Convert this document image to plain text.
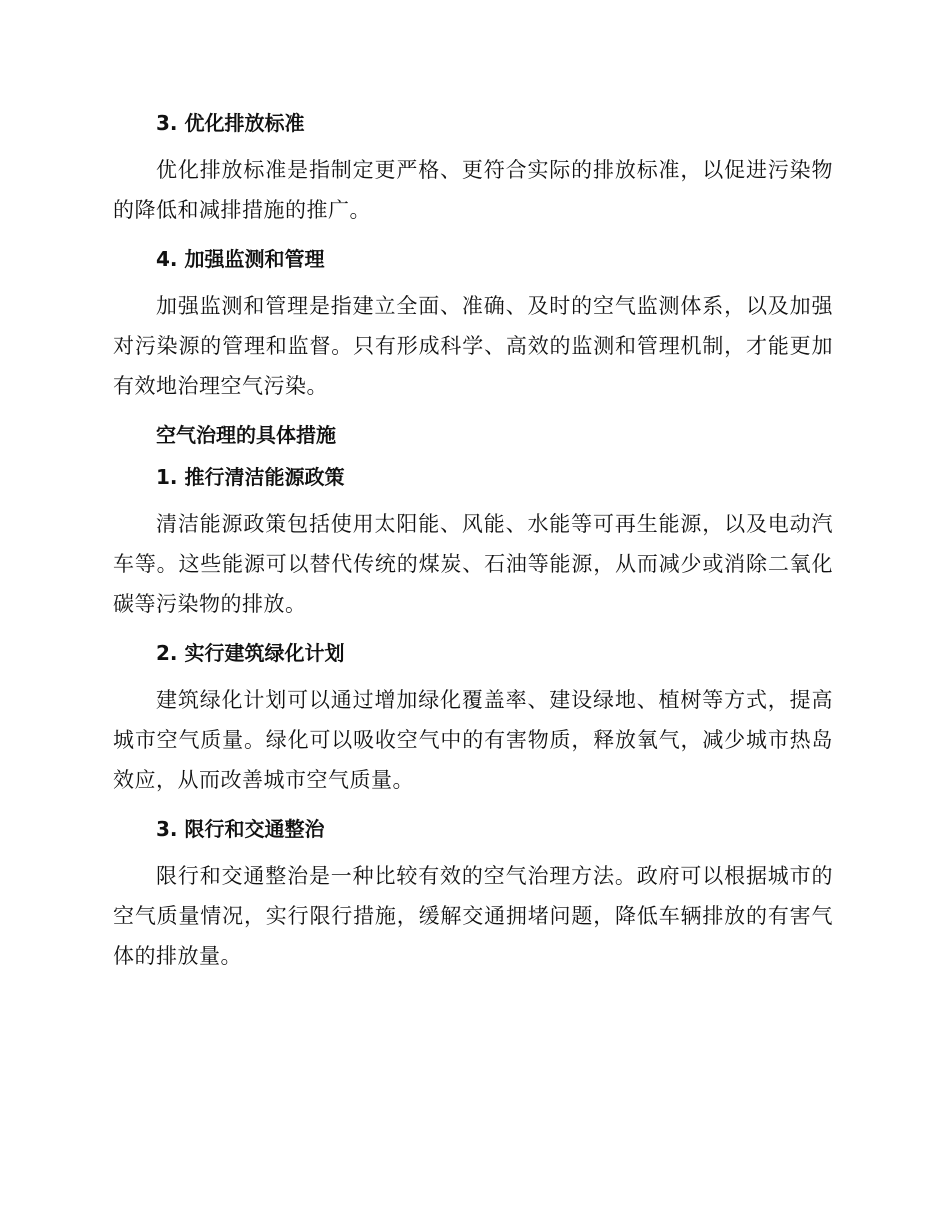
3. 优化排放标准
优化排放标准是指制定更严格、更符合实际的排放标准，以促进污染物的降低和减排措施的推广。
4. 加强监测和管理
加强监测和管理是指建立全面、准确、及时的空气监测体系，以及加强对污染源的管理和监督。只有形成科学、高效的监测和管理机制，才能更加有效地治理空气污染。
空气治理的具体措施
1. 推行清洁能源政策
清洁能源政策包括使用太阳能、风能、水能等可再生能源，以及电动汽车等。这些能源可以替代传统的煤炭、石油等能源，从而减少或消除二氧化碳等污染物的排放。
2. 实行建筑绿化计划
建筑绿化计划可以通过增加绿化覆盖率、建设绿地、植树等方式，提高城市空气质量。绿化可以吸收空气中的有害物质，释放氧气，减少城市热岛效应，从而改善城市空气质量。
3. 限行和交通整治
限行和交通整治是一种比较有效的空气治理方法。政府可以根据城市的空气质量情况，实行限行措施，缓解交通拥堵问题，降低车辆排放的有害气体的排放量。
